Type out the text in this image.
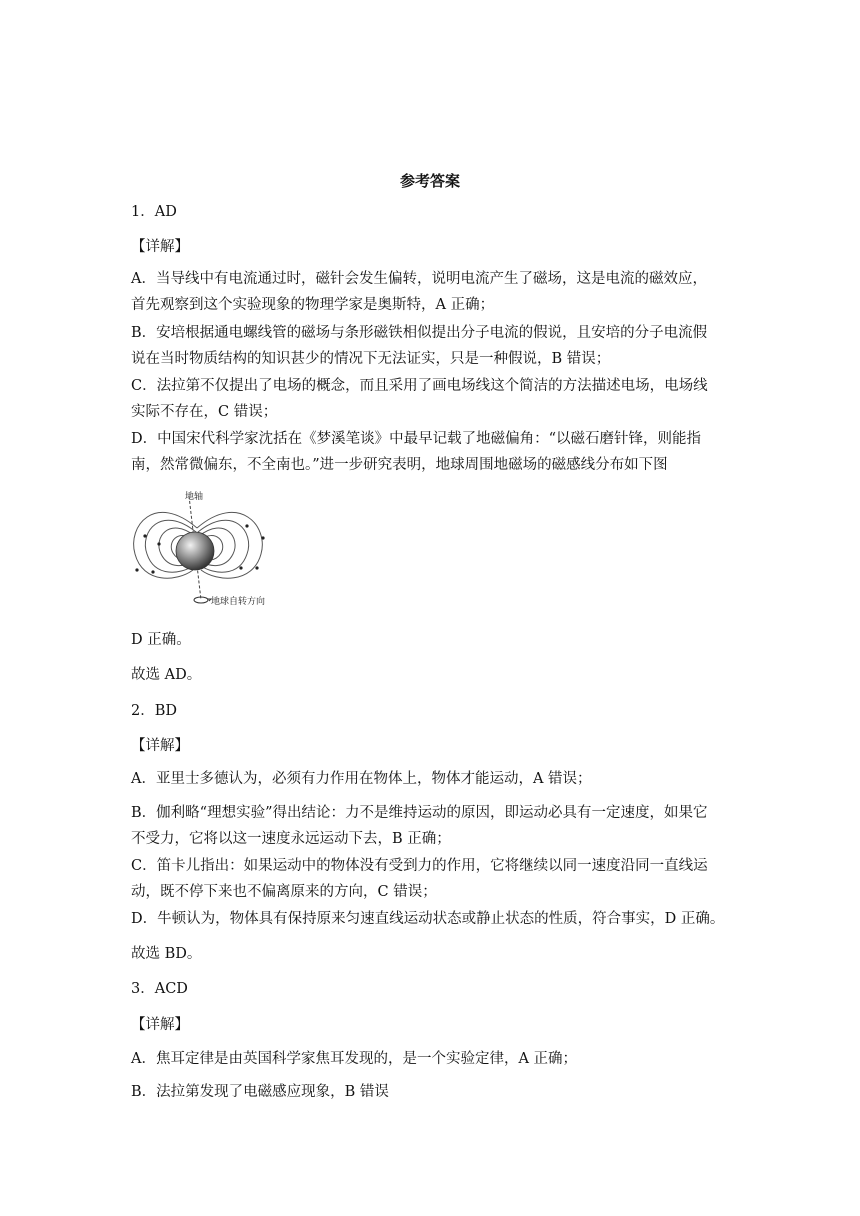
参考答案
1．AD
【详解】
A．当导线中有电流通过时，磁针会发生偏转，说明电流产生了磁场，这是电流的磁效应，
首先观察到这个实验现象的物理学家是奥斯特，A 正确；
B．安培根据通电螺线管的磁场与条形磁铁相似提出分子电流的假说，且安培的分子电流假
说在当时物质结构的知识甚少的情况下无法证实，只是一种假说，B 错误；
C．法拉第不仅提出了电场的概念，而且采用了画电场线这个简洁的方法描述电场，电场线
实际不存在，C 错误；
D．中国宋代科学家沈括在《梦溪笔谈》中最早记载了地磁偏角：“以磁石磨针锋，则能指
南，然常微偏东，不全南也。”进一步研究表明，地球周围地磁场的磁感线分布如下图
地轴
地球自转方向
D 正确。
故选 AD。
2．BD
【详解】
A．亚里士多德认为，必须有力作用在物体上，物体才能运动，A 错误；
B．伽利略“理想实验”得出结论：力不是维持运动的原因，即运动必具有一定速度，如果它
不受力，它将以这一速度永远运动下去，B 正确；
C．笛卡儿指出：如果运动中的物体没有受到力的作用，它将继续以同一速度沿同一直线运
动，既不停下来也不偏离原来的方向，C 错误；
D．牛顿认为，物体具有保持原来匀速直线运动状态或静止状态的性质，符合事实，D 正确。
故选 BD。
3．ACD
【详解】
A．焦耳定律是由英国科学家焦耳发现的，是一个实验定律，A 正确；
B．法拉第发现了电磁感应现象，B 错误
